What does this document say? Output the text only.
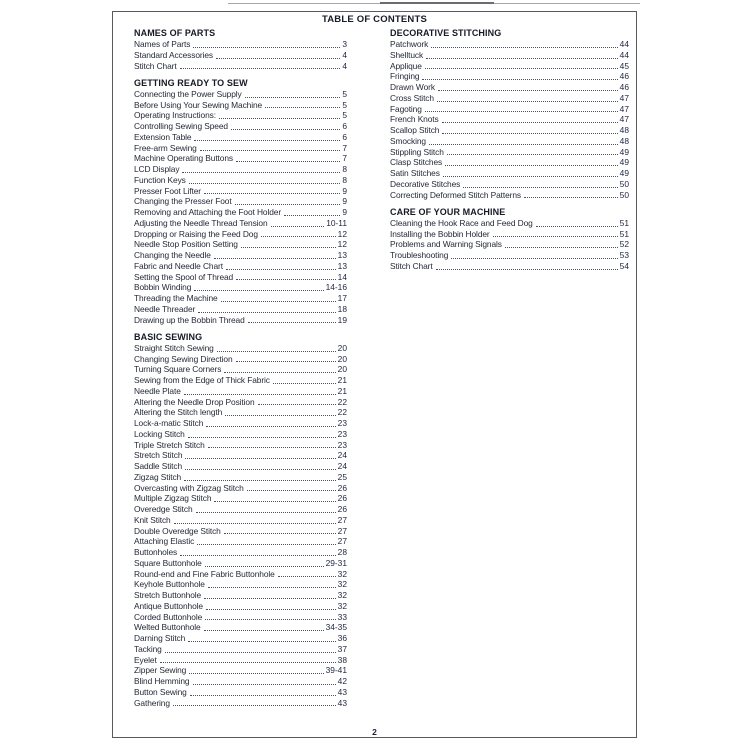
TABLE OF CONTENTS
NAMES OF PARTS
Names of Parts	3
Standard Accessories	4
Stitch Chart	4
GETTING READY TO SEW
Connecting the Power Supply	5
Before Using Your Sewing Machine	5
Operating Instructions:	5
Controlling Sewing Speed	6
Extension Table	6
Free-arm Sewing	7
Machine Operating Buttons	7
LCD Display	8
Function Keys	8
Presser Foot Lifter	9
Changing the Presser Foot	9
Removing and Attaching the Foot Holder	9
Adjusting the Needle Thread Tension	10-11
Dropping or Raising the Feed Dog	12
Needle Stop Position Setting	12
Changing the Needle	13
Fabric and Needle Chart	13
Setting the Spool of Thread	14
Bobbin Winding	14-16
Threading the Machine	17
Needle Threader	18
Drawing up the Bobbin Thread	19
BASIC SEWING
Straight Stitch Sewing	20
Changing Sewing Direction	20
Turning Square Corners	20
Sewing from the Edge of Thick Fabric	21
Needle Plate	21
Altering the Needle Drop Position	22
Altering the Stitch length	22
Lock-a-matic Stitch	23
Locking Stitch	23
Triple Stretch Stitch	23
Stretch Stitch	24
Saddle Stitch	24
Zigzag Stitch	25
Overcasting with Zigzag Stitch	26
Multiple Zigzag Stitch	26
Overedge Stitch	26
Knit Stitch	27
Double Overedge Stitch	27
Attaching Elastic	27
Buttonholes	28
Square Buttonhole	29-31
Round-end and Fine Fabric Buttonhole	32
Keyhole Buttonhole	32
Stretch Buttonhole	32
Antique Buttonhole	32
Corded Buttonhole	33
Welted Buttonhole	34-35
Darning Stitch	36
Tacking	37
Eyelet	38
Zipper Sewing	39-41
Blind Hemming	42
Button Sewing	43
Gathering	43
DECORATIVE STITCHING
Patchwork	44
Shelltuck	44
Applique	45
Fringing	46
Drawn Work	46
Cross Stitch	47
Fagoting	47
French Knots	47
Scallop Stitch	48
Smocking	48
Stippling Stitch	49
Clasp Stitches	49
Satin Stitches	49
Decorative Stitches	50
Correcting Deformed Stitch Patterns	50
CARE OF YOUR MACHINE
Cleaning the Hook Race and Feed Dog	51
Installing the Bobbin Holder	51
Problems and Warning Signals	52
Troubleshooting	53
Stitch Chart	54
2
